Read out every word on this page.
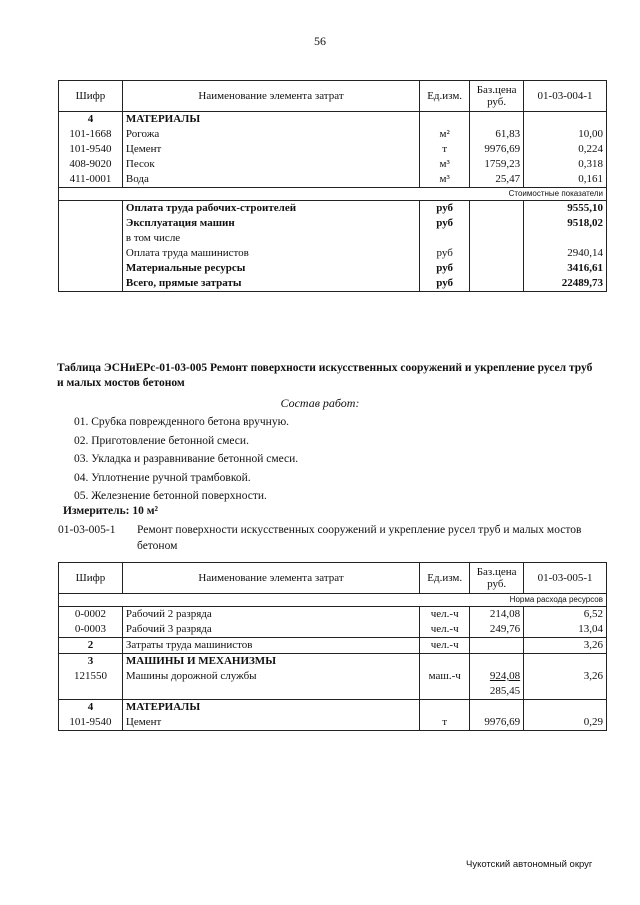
56
Шифр	Наименование элемента затрат	Ед.изм.	Баз.цена руб.	01-03-004-1
4	МАТЕРИАЛЫ			
101-1668	Рогожа	м²	61,83	10,00
101-9540	Цемент	т	9976,69	0,224
408-9020	Песок	м³	1759,23	0,318
411-0001	Вода	м³	25,47	0,161
Стоимостные показатели				
	Оплата труда рабочих-строителей	руб		9555,10
	Эксплуатация машин	руб		9518,02
	в том числе			
	Оплата труда машинистов	руб		2940,14
	Материальные ресурсы	руб		3416,61
	Всего, прямые затраты	руб		22489,73
Таблица ЭСНиЕРс-01-03-005 Ремонт поверхности искусственных сооружений и укрепление русел труб и малых мостов бетоном
Состав работ:
01. Срубка поврежденного бетона вручную.
02. Приготовление бетонной смеси.
03. Укладка и разравнивание бетонной смеси.
04. Уплотнение ручной трамбовкой.
05. Железнение бетонной поверхности.
Измеритель: 10 м²
01-03-005-1 Ремонт поверхности искусственных сооружений и укрепление русел труб и малых мостов бетоном
Шифр	Наименование элемента затрат	Ед.изм.	Баз.цена руб.	01-03-005-1
Норма расхода ресурсов				
0-0002	Рабочий 2 разряда	чел.-ч	214,08	6,52
0-0003	Рабочий 3 разряда	чел.-ч	249,76	13,04
2	Затраты труда машинистов	чел.-ч		3,26
3	МАШИНЫ И МЕХАНИЗМЫ			
121550	Машины дорожной службы	маш.-ч	924,08	3,26
			285,45	
4	МАТЕРИАЛЫ			
101-9540	Цемент	т	9976,69	0,29
Чукотский автономный округ
